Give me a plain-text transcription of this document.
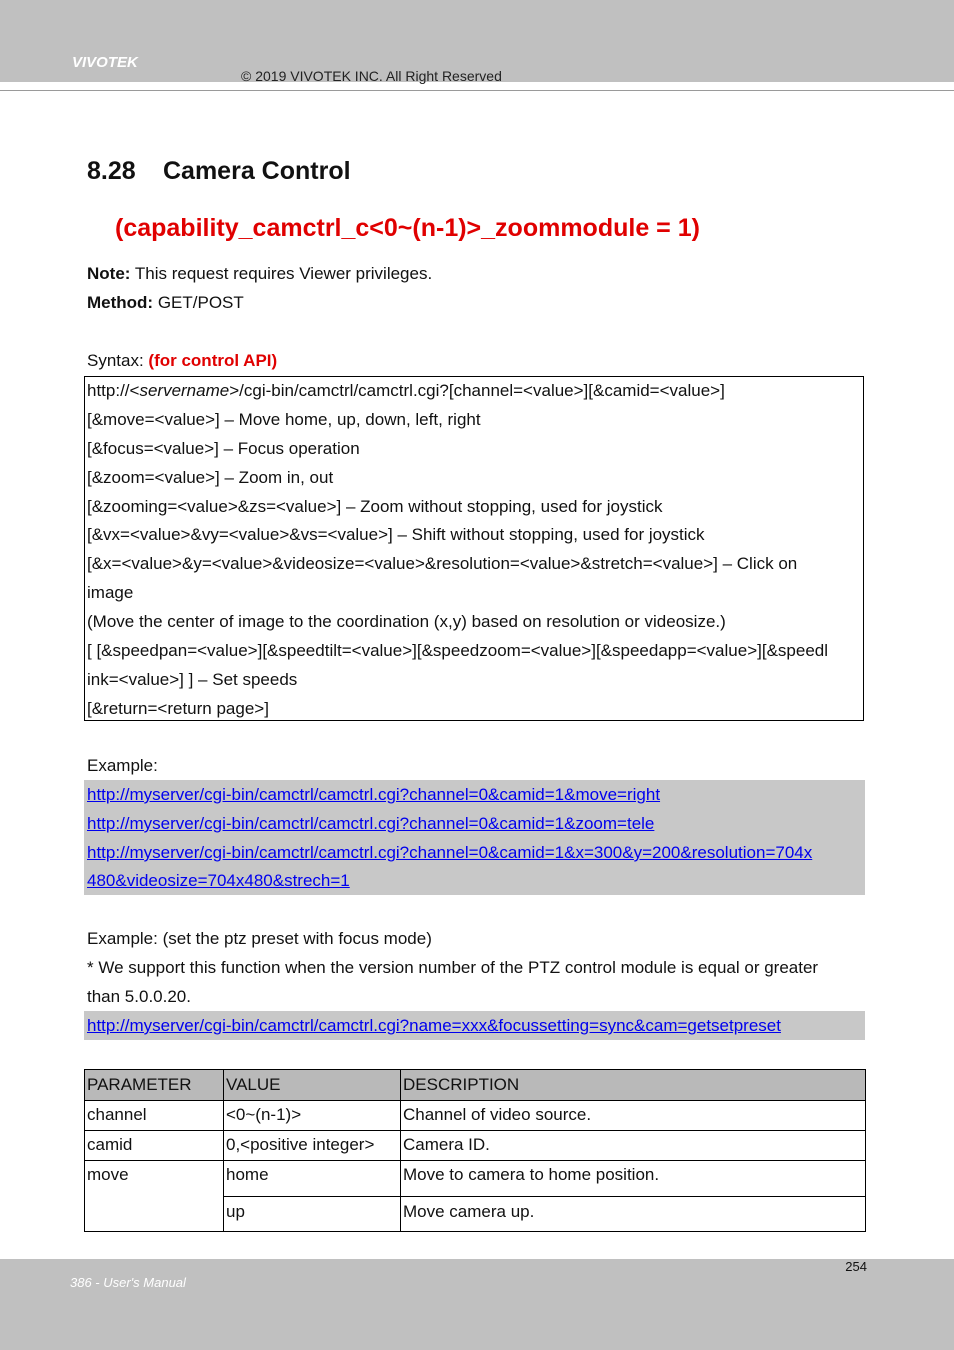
VIVOTEK
© 2019 VIVOTEK INC. All Right Reserved
8.28 Camera Control
(capability_camctrl_c<0~(n-1)>_zoommodule = 1)
Note: This request requires Viewer privileges.
Method: GET/POST
Syntax: (for control API)
http://<servername>/cgi-bin/camctrl/camctrl.cgi?[channel=<value>][&camid=<value>]
[&move=<value>] – Move home, up, down, left, right
[&focus=<value>] – Focus operation
[&zoom=<value>] – Zoom in, out
[&zooming=<value>&zs=<value>] – Zoom without stopping, used for joystick
[&vx=<value>&vy=<value>&vs=<value>] – Shift without stopping, used for joystick
[&x=<value>&y=<value>&videosize=<value>&resolution=<value>&stretch=<value>] – Click on
image
(Move the center of image to the coordination (x,y) based on resolution or videosize.)
[ [&speedpan=<value>][&speedtilt=<value>][&speedzoom=<value>][&speedapp=<value>][&speedl
ink=<value>] ] – Set speeds
[&return=<return page>]
Example:
http://myserver/cgi-bin/camctrl/camctrl.cgi?channel=0&camid=1&move=right
http://myserver/cgi-bin/camctrl/camctrl.cgi?channel=0&camid=1&zoom=tele
http://myserver/cgi-bin/camctrl/camctrl.cgi?channel=0&camid=1&x=300&y=200&resolution=704x
480&videosize=704x480&strech=1
Example: (set the ptz preset with focus mode)
* We support this function when the version number of the PTZ control module is equal or greater
than 5.0.0.20.
http://myserver/cgi-bin/camctrl/camctrl.cgi?name=xxx&focussetting=sync&cam=getsetpreset
PARAMETER	VALUE	DESCRIPTION
channel	<0~(n-1)>	Channel of video source.
camid	0,<positive integer>	Camera ID.
move	home	Move to camera to home position.
	up	Move camera up.
254
386 - User's Manual
